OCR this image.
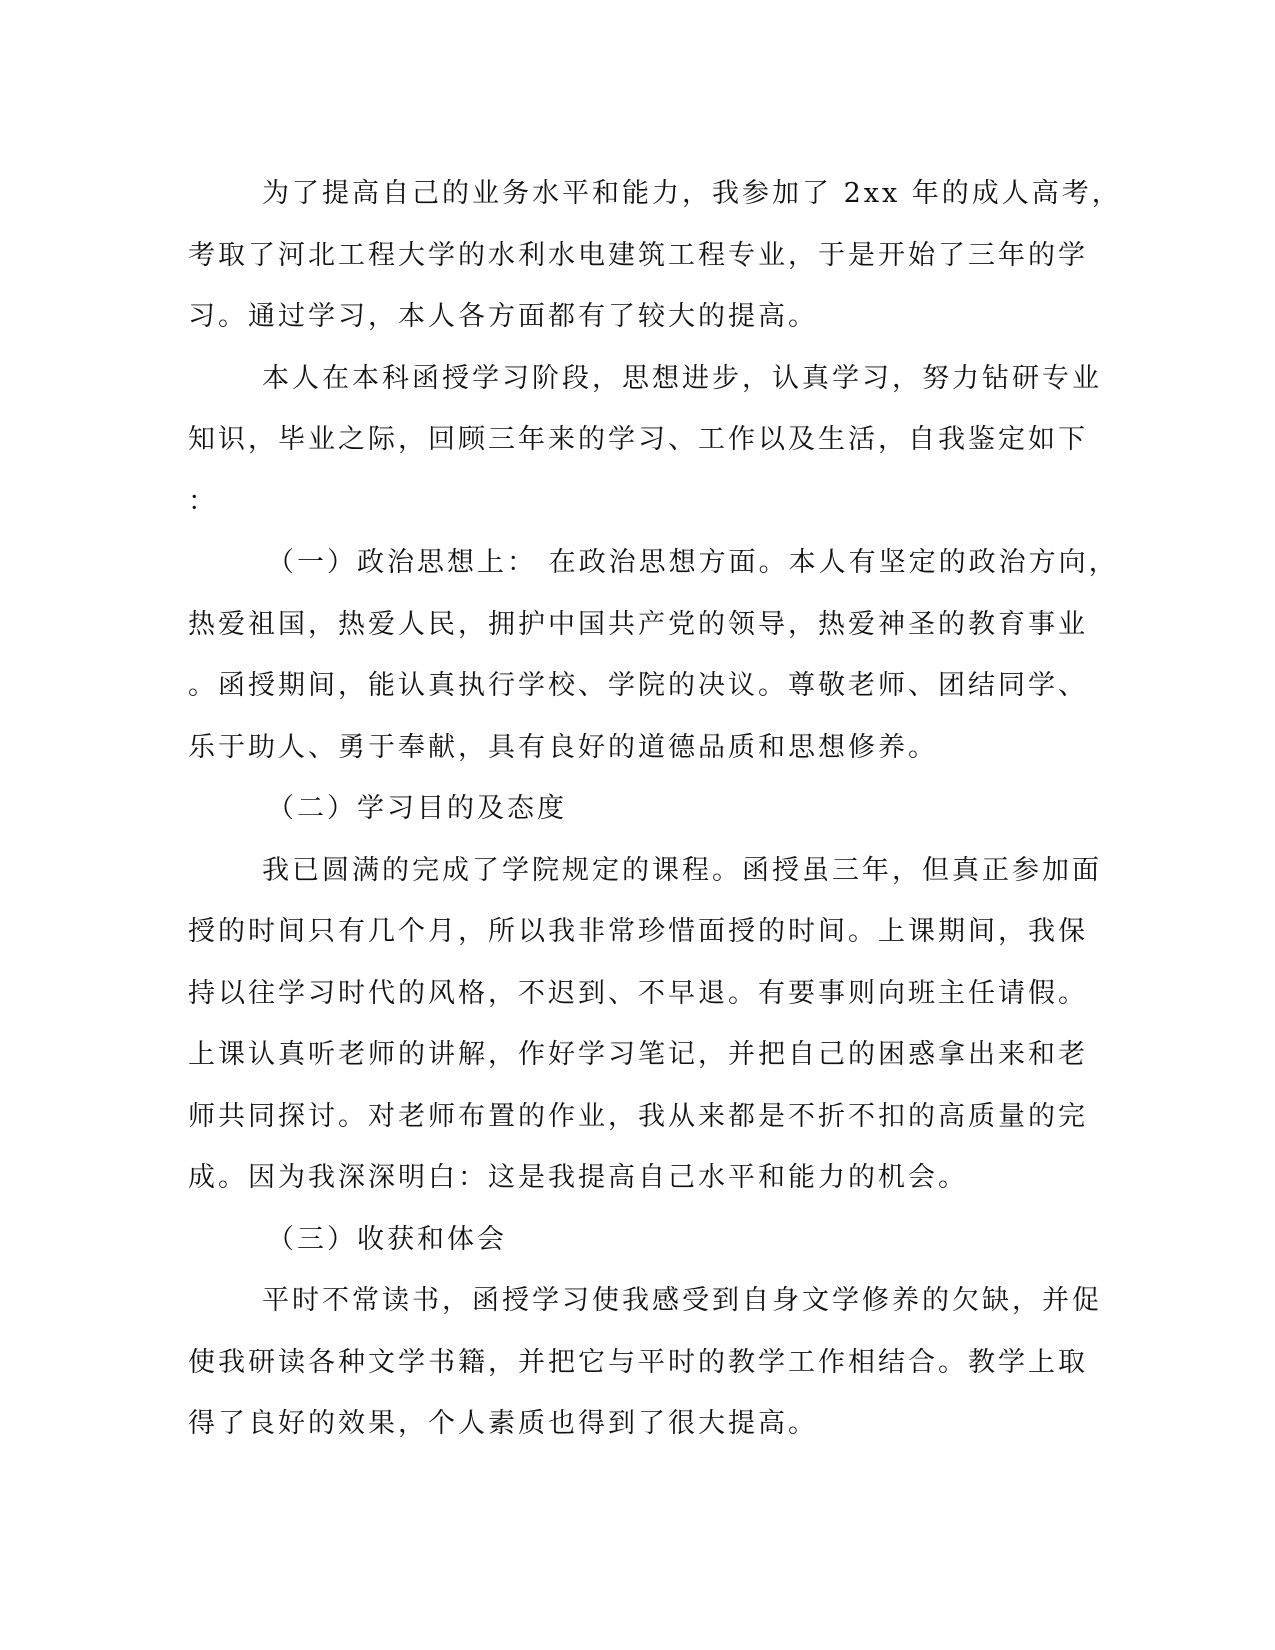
为了提高自己的业务水平和能力，我参加了 2xx 年的成人高考，
考取了河北工程大学的水利水电建筑工程专业，于是开始了三年的学
习。通过学习，本人各方面都有了较大的提高。
本人在本科函授学习阶段，思想进步，认真学习，努力钻研专业
知识，毕业之际，回顾三年来的学习、工作以及生活，自我鉴定如下
：
（一）政治思想上： 在政治思想方面。本人有坚定的政治方向，
热爱祖国，热爱人民，拥护中国共产党的领导，热爱神圣的教育事业
。函授期间，能认真执行学校、学院的决议。尊敬老师、团结同学、
乐于助人、勇于奉献，具有良好的道德品质和思想修养。
（二）学习目的及态度
我已圆满的完成了学院规定的课程。函授虽三年，但真正参加面
授的时间只有几个月，所以我非常珍惜面授的时间。上课期间，我保
持以往学习时代的风格，不迟到、不早退。有要事则向班主任请假。
上课认真听老师的讲解，作好学习笔记，并把自己的困惑拿出来和老
师共同探讨。对老师布置的作业，我从来都是不折不扣的高质量的完
成。因为我深深明白：这是我提高自己水平和能力的机会。
（三）收获和体会
平时不常读书，函授学习使我感受到自身文学修养的欠缺，并促
使我研读各种文学书籍，并把它与平时的教学工作相结合。教学上取
得了良好的效果，个人素质也得到了很大提高。
